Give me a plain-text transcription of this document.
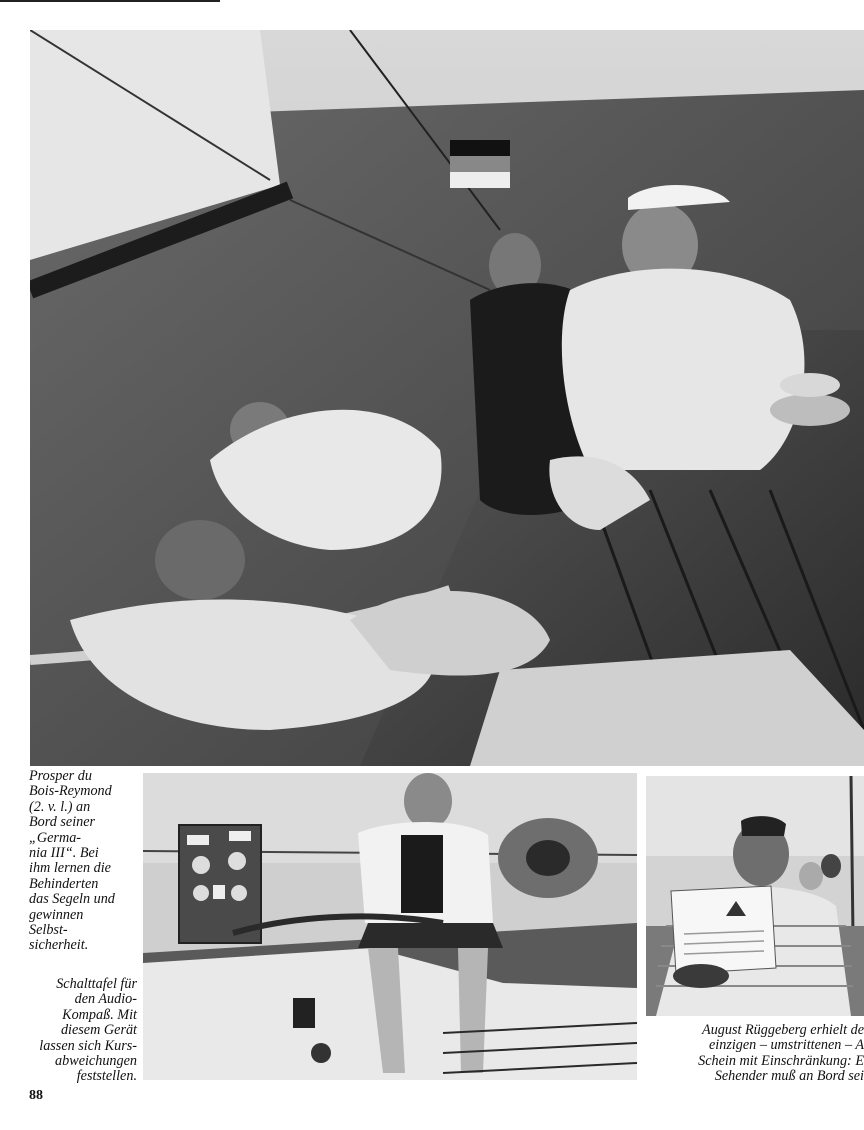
Prosper du
Bois-Reymond
(2. v. l.) an
Bord seiner
„Germa-
nia III“. Bei
ihm lernen die
Behinderten
das Segeln und
gewinnen
Selbst-
sicherheit.

Schalttafel für
den Audio-
Kompaß. Mit
diesem Gerät
lassen sich Kurs-
abweichungen
feststellen.

August Rüggeberg erhielt de
einzigen – umstrittenen – A
Schein mit Einschränkung: E
Sehender muß an Bord sei

88
